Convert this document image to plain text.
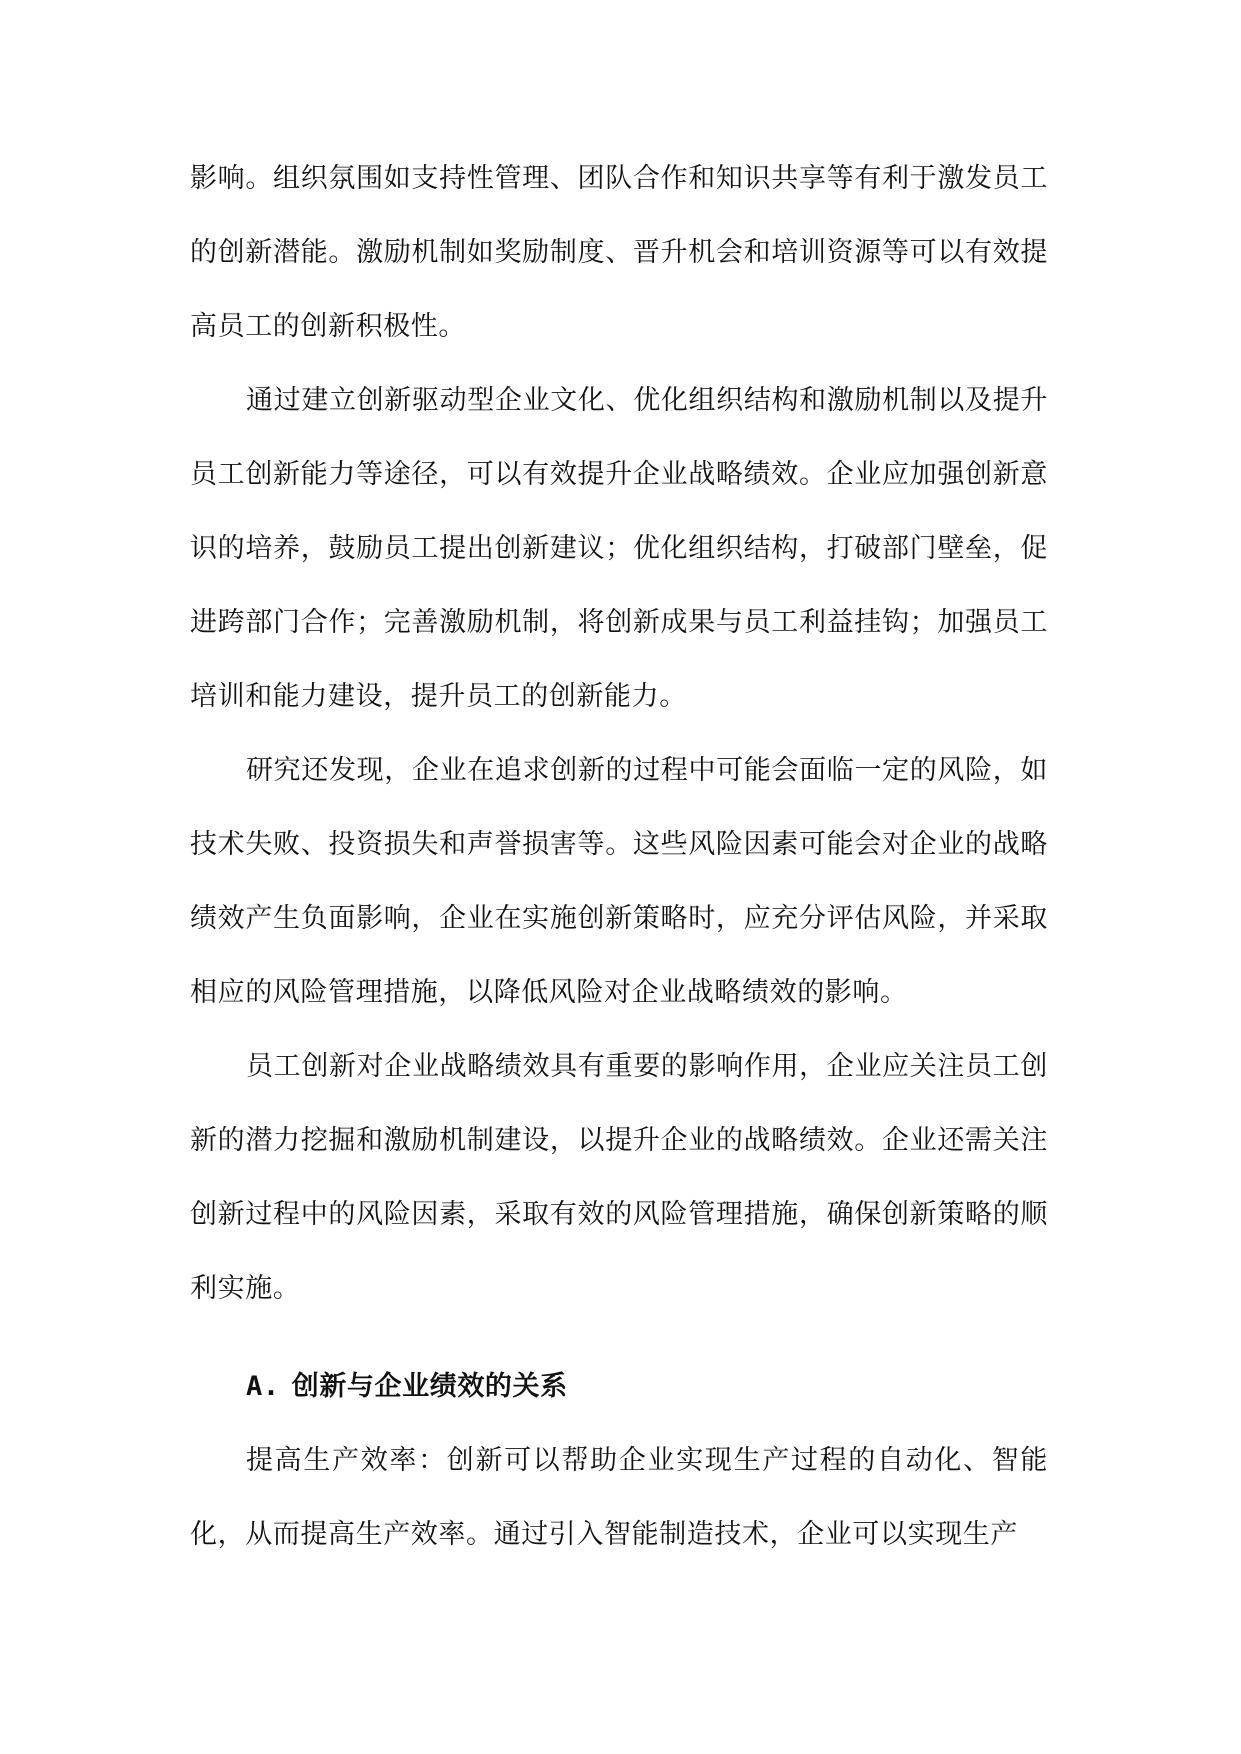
影响。组织氛围如支持性管理、团队合作和知识共享等有利于激发员工的创新潜能。激励机制如奖励制度、晋升机会和培训资源等可以有效提高员工的创新积极性。

通过建立创新驱动型企业文化、优化组织结构和激励机制以及提升员工创新能力等途径，可以有效提升企业战略绩效。企业应加强创新意识的培养，鼓励员工提出创新建议；优化组织结构，打破部门壁垒，促进跨部门合作；完善激励机制，将创新成果与员工利益挂钩；加强员工培训和能力建设，提升员工的创新能力。

研究还发现，企业在追求创新的过程中可能会面临一定的风险，如技术失败、投资损失和声誉损害等。这些风险因素可能会对企业的战略绩效产生负面影响，企业在实施创新策略时，应充分评估风险，并采取相应的风险管理措施，以降低风险对企业战略绩效的影响。

员工创新对企业战略绩效具有重要的影响作用，企业应关注员工创新的潜力挖掘和激励机制建设，以提升企业的战略绩效。企业还需关注创新过程中的风险因素，采取有效的风险管理措施，确保创新策略的顺利实施。

A. 创新与企业绩效的关系

提高生产效率：创新可以帮助企业实现生产过程的自动化、智能化，从而提高生产效率。通过引入智能制造技术，企业可以实现生产
